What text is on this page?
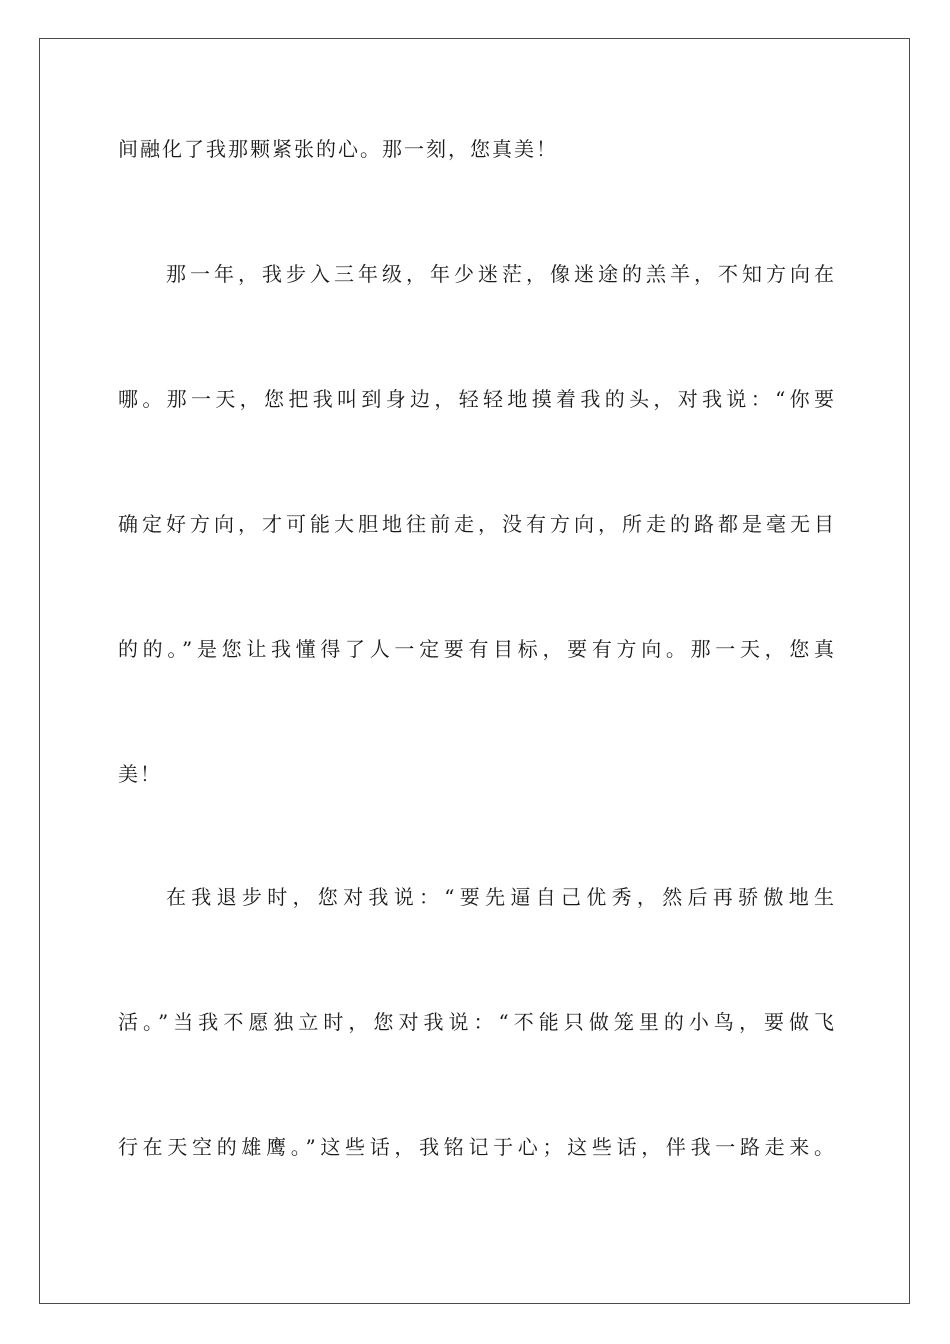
间融化了我那颗紧张的心。那一刻，您真美！
那一年，我步入三年级，年少迷茫，像迷途的羔羊，不知方向在
哪。那一天，您把我叫到身边，轻轻地摸着我的头，对我说：“你要
确定好方向，才可能大胆地往前走，没有方向，所走的路都是毫无目
的的。”是您让我懂得了人一定要有目标，要有方向。那一天，您真
美！
在我退步时，您对我说：“要先逼自己优秀，然后再骄傲地生
活。”当我不愿独立时，您对我说：“不能只做笼里的小鸟，要做飞
行在天空的雄鹰。”这些话，我铭记于心；这些话，伴我一路走来。
